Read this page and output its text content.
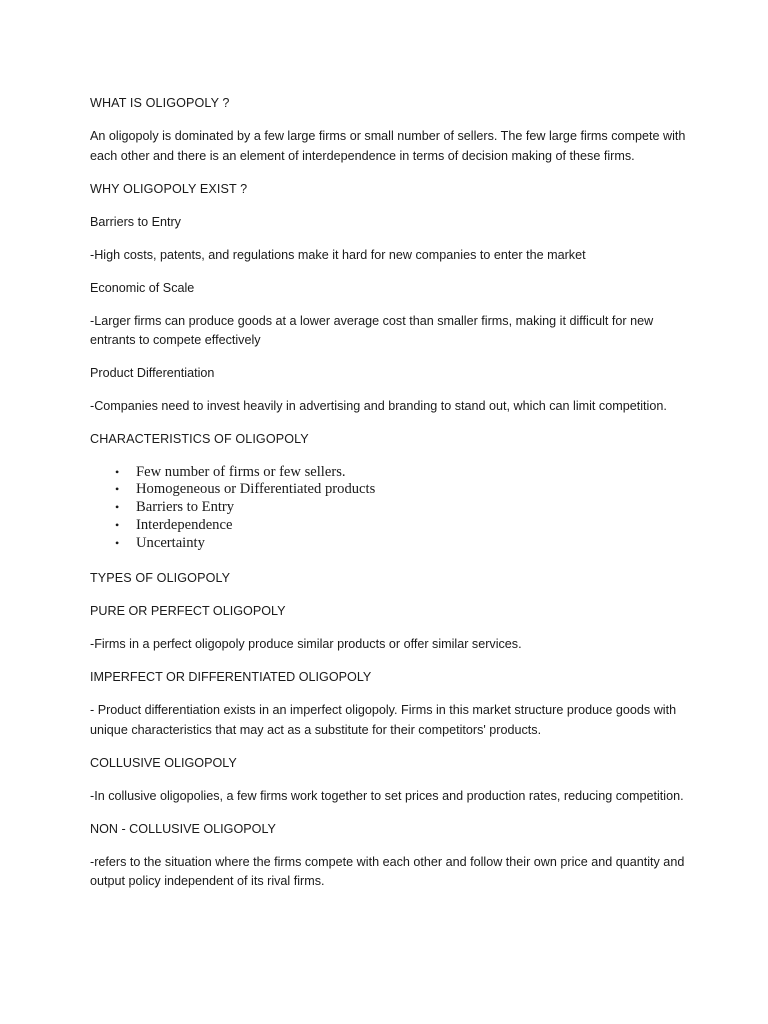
WHAT IS OLIGOPOLY ?

An oligopoly is dominated by a few large firms or small number of sellers. The few large firms compete with each other and there is an element of interdependence in terms of decision making of these firms.

WHY OLIGOPOLY EXIST ?

Barriers to Entry

-High costs, patents, and regulations make it hard for new companies to enter the market

Economic of Scale

-Larger firms can produce goods at a lower average cost than smaller firms, making it difficult for new entrants to compete effectively

Product Differentiation

-Companies need to invest heavily in advertising and branding to stand out, which can limit competition.

CHARACTERISTICS OF OLIGOPOLY

• Few number of firms or few sellers.
• Homogeneous or Differentiated products
• Barriers to Entry
• Interdependence
• Uncertainty

TYPES OF OLIGOPOLY

PURE OR PERFECT OLIGOPOLY

-Firms in a perfect oligopoly produce similar products or offer similar services.

IMPERFECT OR DIFFERENTIATED OLIGOPOLY

- Product differentiation exists in an imperfect oligopoly. Firms in this market structure produce goods with unique characteristics that may act as a substitute for their competitors' products.

COLLUSIVE OLIGOPOLY

-In collusive oligopolies, a few firms work together to set prices and production rates, reducing competition.

NON - COLLUSIVE OLIGOPOLY

-refers to the situation where the firms compete with each other and follow their own price and quantity and output policy independent of its rival firms.
